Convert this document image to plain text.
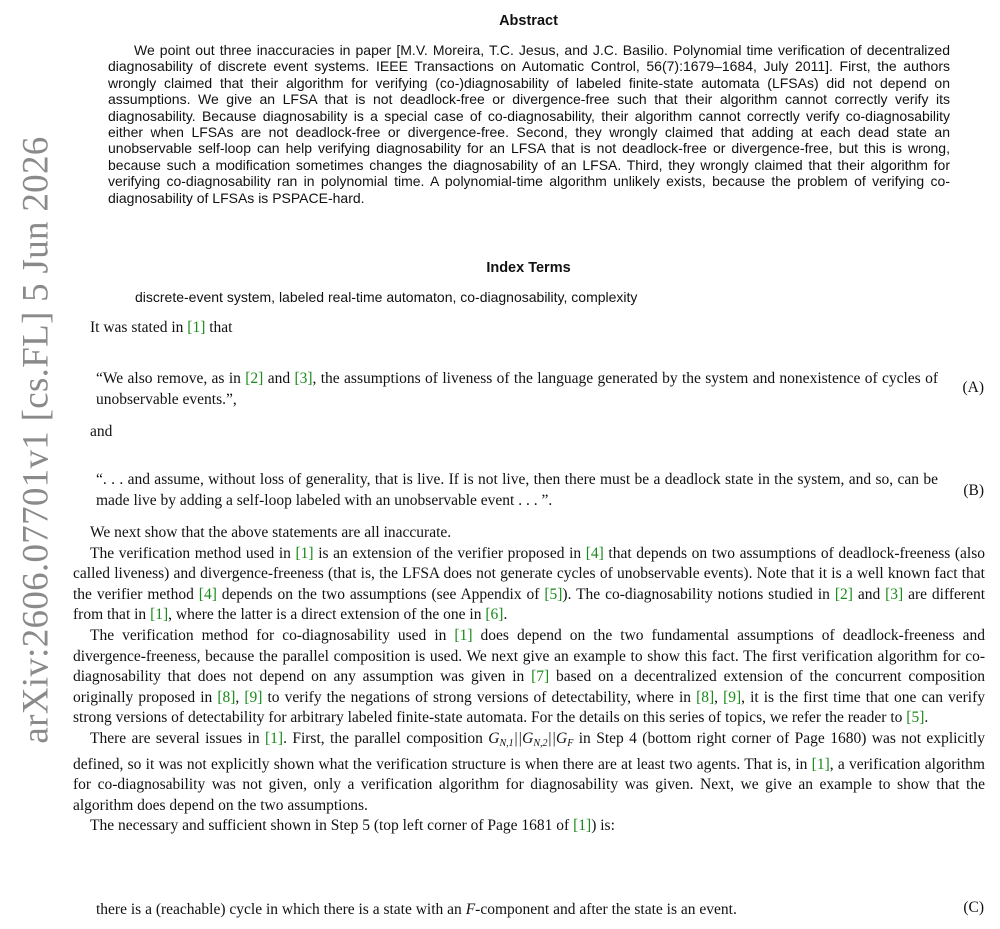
arXiv:2606.07701v1 [cs.FL] 5 Jun 2026
Abstract

We point out three inaccuracies in paper [M.V. Moreira, T.C. Jesus, and J.C. Basilio. Polynomial time verification of decentralized diagnosability of discrete event systems. IEEE Transactions on Automatic Control, 56(7):1679–1684, July 2011]. First, the authors wrongly claimed that their algorithm for verifying (co-)diagnosability of labeled finite-state automata (LFSAs) did not depend on assumptions. We give an LFSA that is not deadlock-free or divergence-free such that their algorithm cannot correctly verify its diagnosability. Because diagnosability is a special case of co-diagnosability, their algorithm cannot correctly verify co-diagnosability either when LFSAs are not deadlock-free or divergence-free. Second, they wrongly claimed that adding at each dead state an unobservable self-loop can help verifying diagnosability for an LFSA that is not deadlock-free or divergence-free, but this is wrong, because such a modification sometimes changes the diagnosability of an LFSA. Third, they wrongly claimed that their algorithm for verifying co-diagnosability ran in polynomial time. A polynomial-time algorithm unlikely exists, because the problem of verifying co-diagnosability of LFSAs is PSPACE-hard.

Index Terms

discrete-event system, labeled real-time automaton, co-diagnosability, complexity

It was stated in [1] that

“We also remove, as in [2] and [3], the assumptions of liveness of the language generated by the system and nonexistence of cycles of unobservable events.”,

(A)

and

“. . . and assume, without loss of generality, that is live. If is not live, then there must be a deadlock state in the system, and so, can be made live by adding a self-loop labeled with an unobservable event . . . ”.

(B)

We next show that the above statements are all inaccurate.

The verification method used in [1] is an extension of the verifier proposed in [4] that depends on two assumptions of deadlock-freeness (also called liveness) and divergence-freeness (that is, the LFSA does not generate cycles of unobservable events). Note that it is a well known fact that the verifier method [4] depends on the two assumptions (see Appendix of [5]). The co-diagnosability notions studied in [2] and [3] are different from that in [1], where the latter is a direct extension of the one in [6].

The verification method for co-diagnosability used in [1] does depend on the two fundamental assumptions of deadlock-freeness and divergence-freeness, because the parallel composition is used. We next give an example to show this fact. The first verification algorithm for co-diagnosability that does not depend on any assumption was given in [7] based on a decentralized extension of the concurrent composition originally proposed in [8], [9] to verify the negations of strong versions of detectability, where in [8], [9], it is the first time that one can verify strong versions of detectability for arbitrary labeled finite-state automata. For the details on this series of topics, we refer the reader to [5].

There are several issues in [1]. First, the parallel composition $G_{N,1}||G_{N,2}||G_F$ in Step 4 (bottom right corner of Page 1680) was not explicitly defined, so it was not explicitly shown what the verification structure is when there are at least two agents. That is, in [1], a verification algorithm for co-diagnosability was not given, only a verification algorithm for diagnosability was given. Next, we give an example to show that the algorithm does depend on the two assumptions.

The necessary and sufficient shown in Step 5 (top left corner of Page 1681 of [1]) is:

there is a (reachable) cycle in which there is a state with an F-component and after the state is an event.	(C)
